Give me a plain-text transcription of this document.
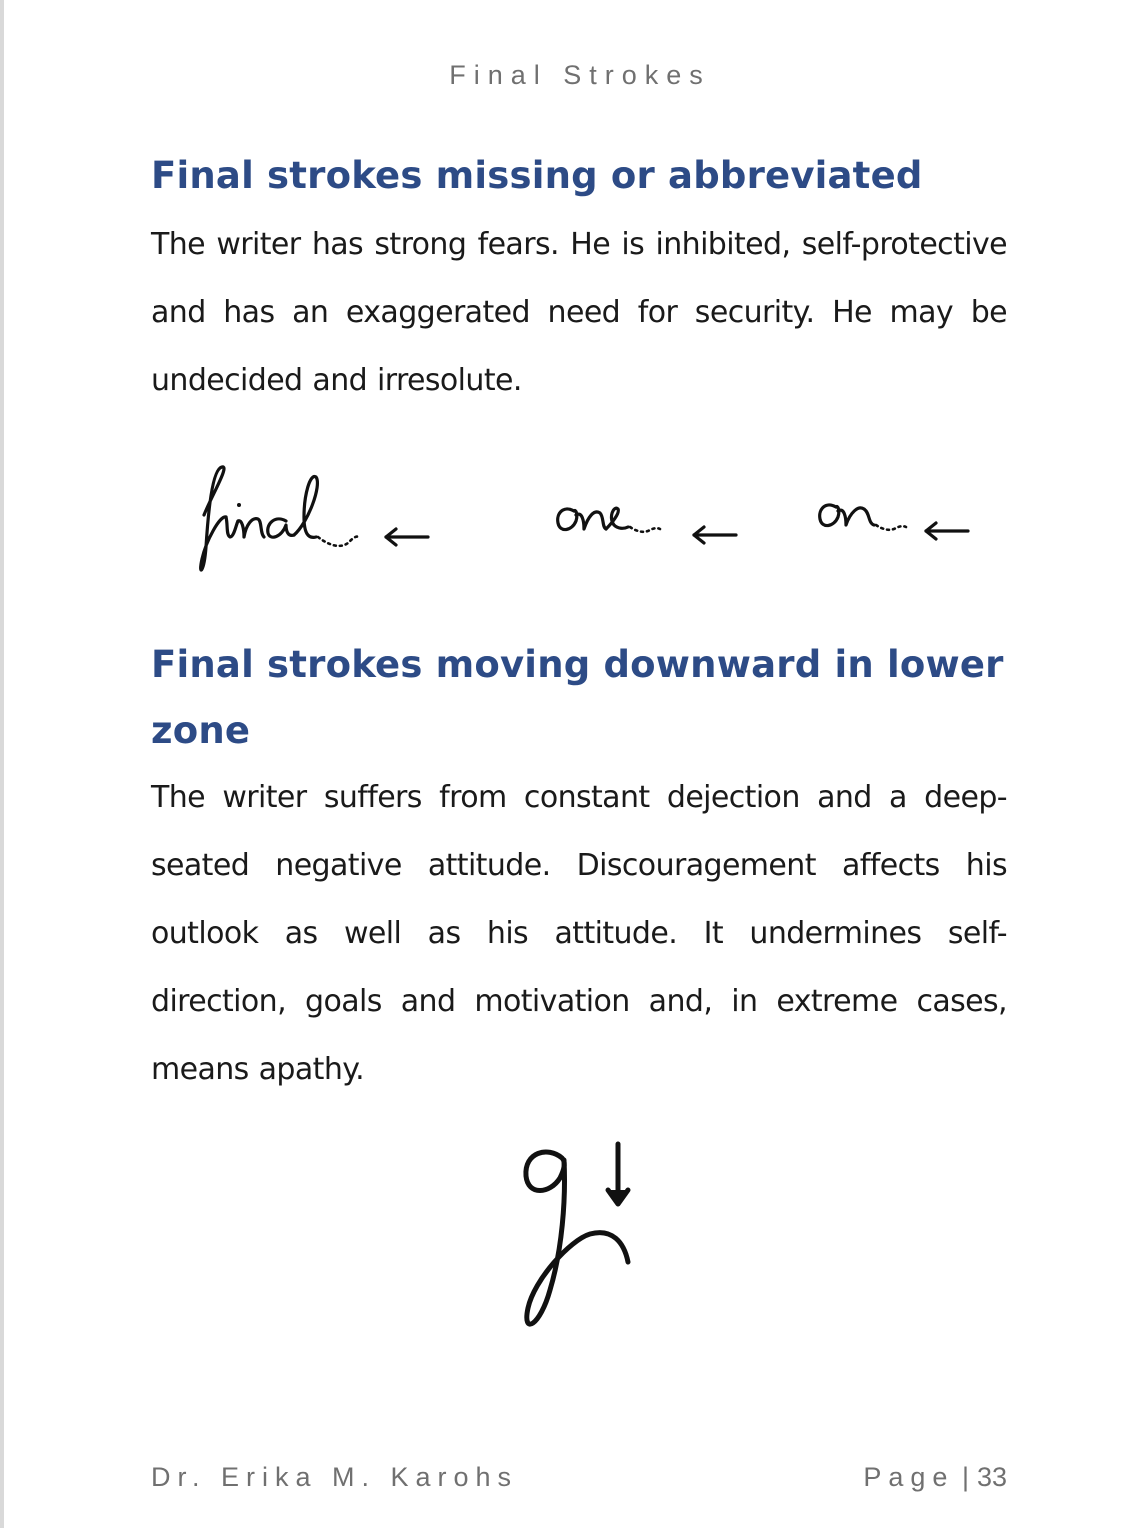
Final Strokes
Final strokes missing or abbreviated

The writer has strong fears. He is inhibited, self-protective and has an exaggerated need for security. He may be undecided and irresolute.

Final strokes moving downward in lower zone

The writer suffers from constant dejection and a deep-seated negative attitude. Discouragement affects his outlook as well as his attitude. It undermines self-direction, goals and motivation and, in extreme cases, means apathy.

Dr. Erika M. Karohs	Page | 33
